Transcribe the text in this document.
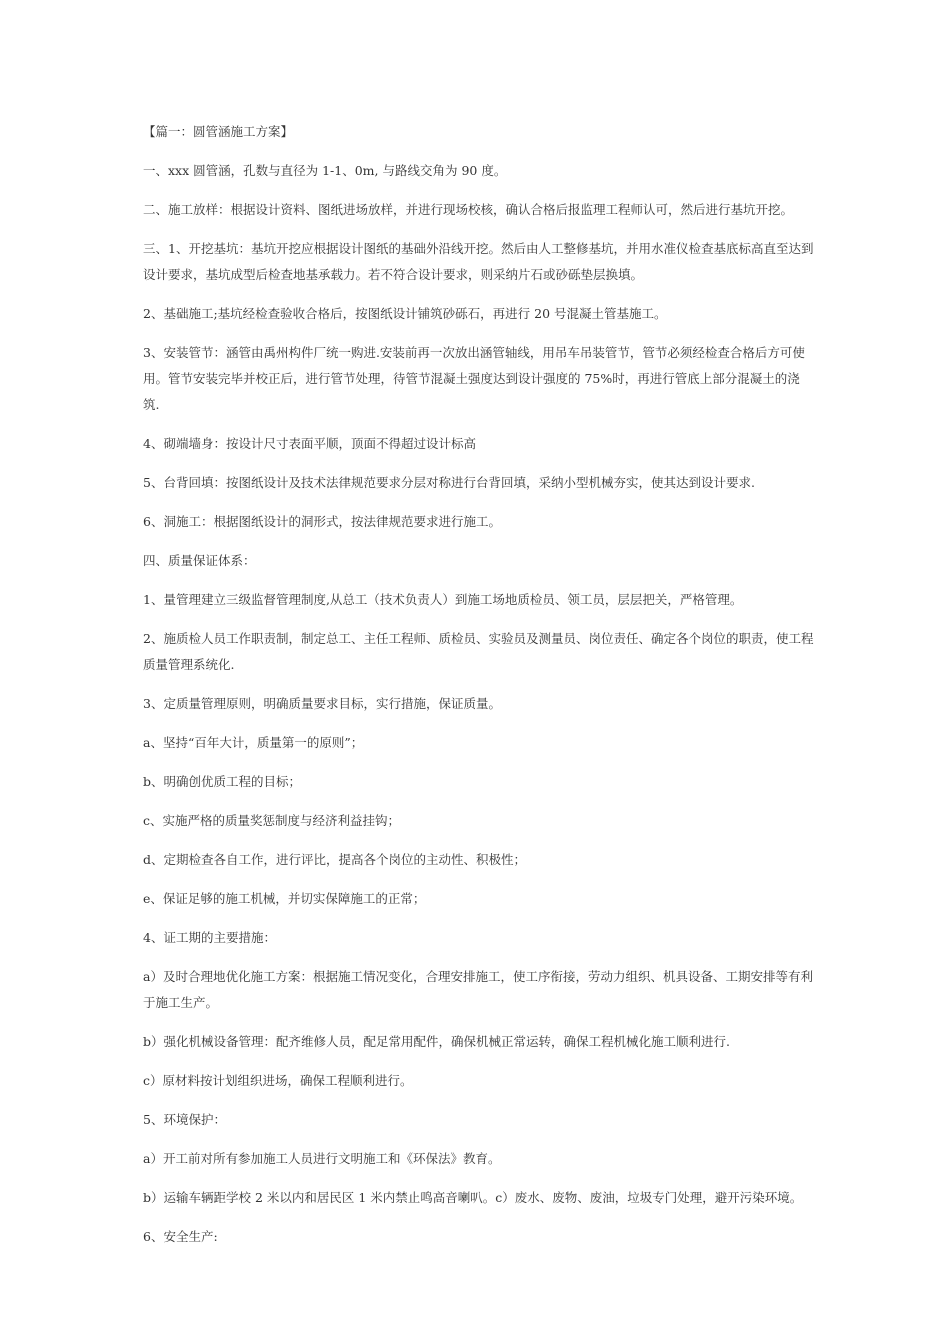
【篇一：圆管涵施工方案】

一、xxx 圆管涵，孔数与直径为 1-1、0m, 与路线交角为 90 度。

二、施工放样：根据设计资料、图纸进场放样，并进行现场校核，确认合格后报监理工程师认可，然后进行基坑开挖。

三、1、开挖基坑：基坑开挖应根据设计图纸的基础外沿线开挖。然后由人工整修基坑，并用水准仪检查基底标高直至达到设计要求，基坑成型后检查地基承载力。若不符合设计要求，则采纳片石或砂砾垫层换填。

2、基础施工;基坑经检查验收合格后，按图纸设计铺筑砂砾石，再进行 20 号混凝土管基施工。

3、安装管节：涵管由禹州构件厂统一购进.安装前再一次放出涵管轴线，用吊车吊装管节，管节必须经检查合格后方可使用。管节安装完毕并校正后，进行管节处理，待管节混凝土强度达到设计强度的 75%时，再进行管底上部分混凝土的浇筑.

4、砌端墙身：按设计尺寸表面平顺，顶面不得超过设计标高

5、台背回填：按图纸设计及技术法律规范要求分层对称进行台背回填，采纳小型机械夯实，使其达到设计要求.

6、洞施工：根据图纸设计的洞形式，按法律规范要求进行施工。

四、质量保证体系：

1、量管理建立三级监督管理制度,从总工（技术负责人）到施工场地质检员、领工员，层层把关，严格管理。

2、施质检人员工作职责制，制定总工、主任工程师、质检员、实验员及测量员、岗位责任、确定各个岗位的职责，使工程质量管理系统化.

3、定质量管理原则，明确质量要求目标，实行措施，保证质量。

a、坚持“百年大计，质量第一的原则”；

b、明确创优质工程的目标；

c、实施严格的质量奖惩制度与经济利益挂钩；

d、定期检查各自工作，进行评比，提高各个岗位的主动性、积极性；

e、保证足够的施工机械，并切实保障施工的正常；

4、证工期的主要措施：

a）及时合理地优化施工方案：根据施工情况变化，合理安排施工，使工序衔接，劳动力组织、机具设备、工期安排等有利于施工生产。

b）强化机械设备管理：配齐维修人员，配足常用配件，确保机械正常运转，确保工程机械化施工顺利进行.

c）原材料按计划组织进场，确保工程顺利进行。

5、环境保护：

a）开工前对所有参加施工人员进行文明施工和《环保法》教育。

b）运输车辆距学校 2 米以内和居民区 1 米内禁止鸣高音喇叭。c）废水、废物、废油，垃圾专门处理，避开污染环境。

6、安全生产:
